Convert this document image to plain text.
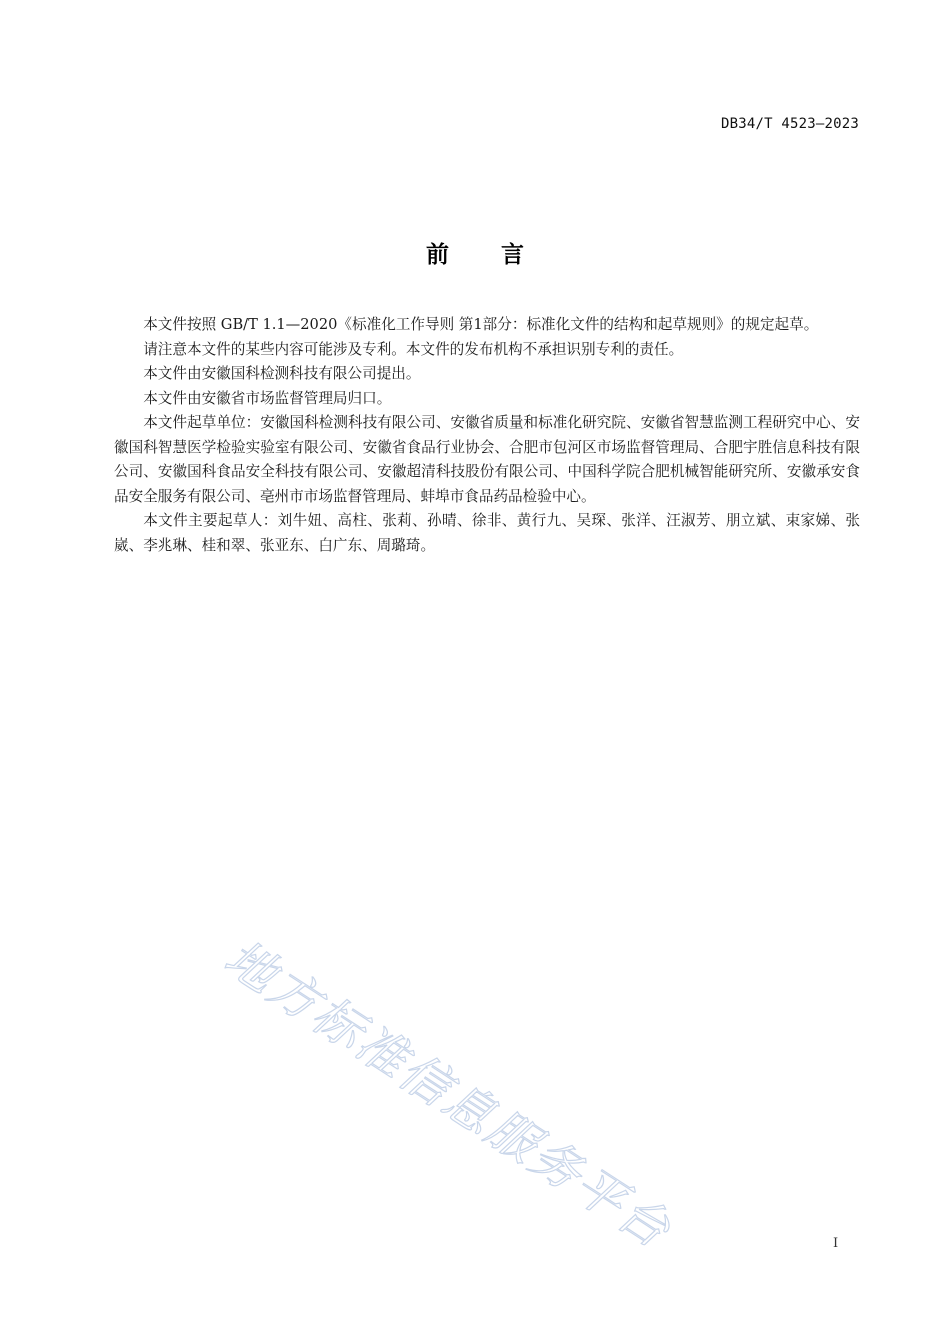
DB34/T 4523—2023
前言

本文件按照 GB/T 1.1—2020《标准化工作导则 第1部分：标准化文件的结构和起草规则》的规定起草。

请注意本文件的某些内容可能涉及专利。本文件的发布机构不承担识别专利的责任。

本文件由安徽国科检测科技有限公司提出。

本文件由安徽省市场监督管理局归口。

本文件起草单位：安徽国科检测科技有限公司、安徽省质量和标准化研究院、安徽省智慧监测工程研究中心、安徽国科智慧医学检验实验室有限公司、安徽省食品行业协会、合肥市包河区市场监督管理局、合肥宇胜信息科技有限公司、安徽国科食品安全科技有限公司、安徽超清科技股份有限公司、中国科学院合肥机械智能研究所、安徽承安食品安全服务有限公司、亳州市市场监督管理局、蚌埠市食品药品检验中心。

本文件主要起草人：刘牛妞、高柱、张莉、孙晴、徐非、黄行九、吴琛、张洋、汪淑芳、朋立斌、束家娣、张崴、李兆琳、桂和翠、张亚东、白广东、周璐琦。

地方标准信息服务平台	I
